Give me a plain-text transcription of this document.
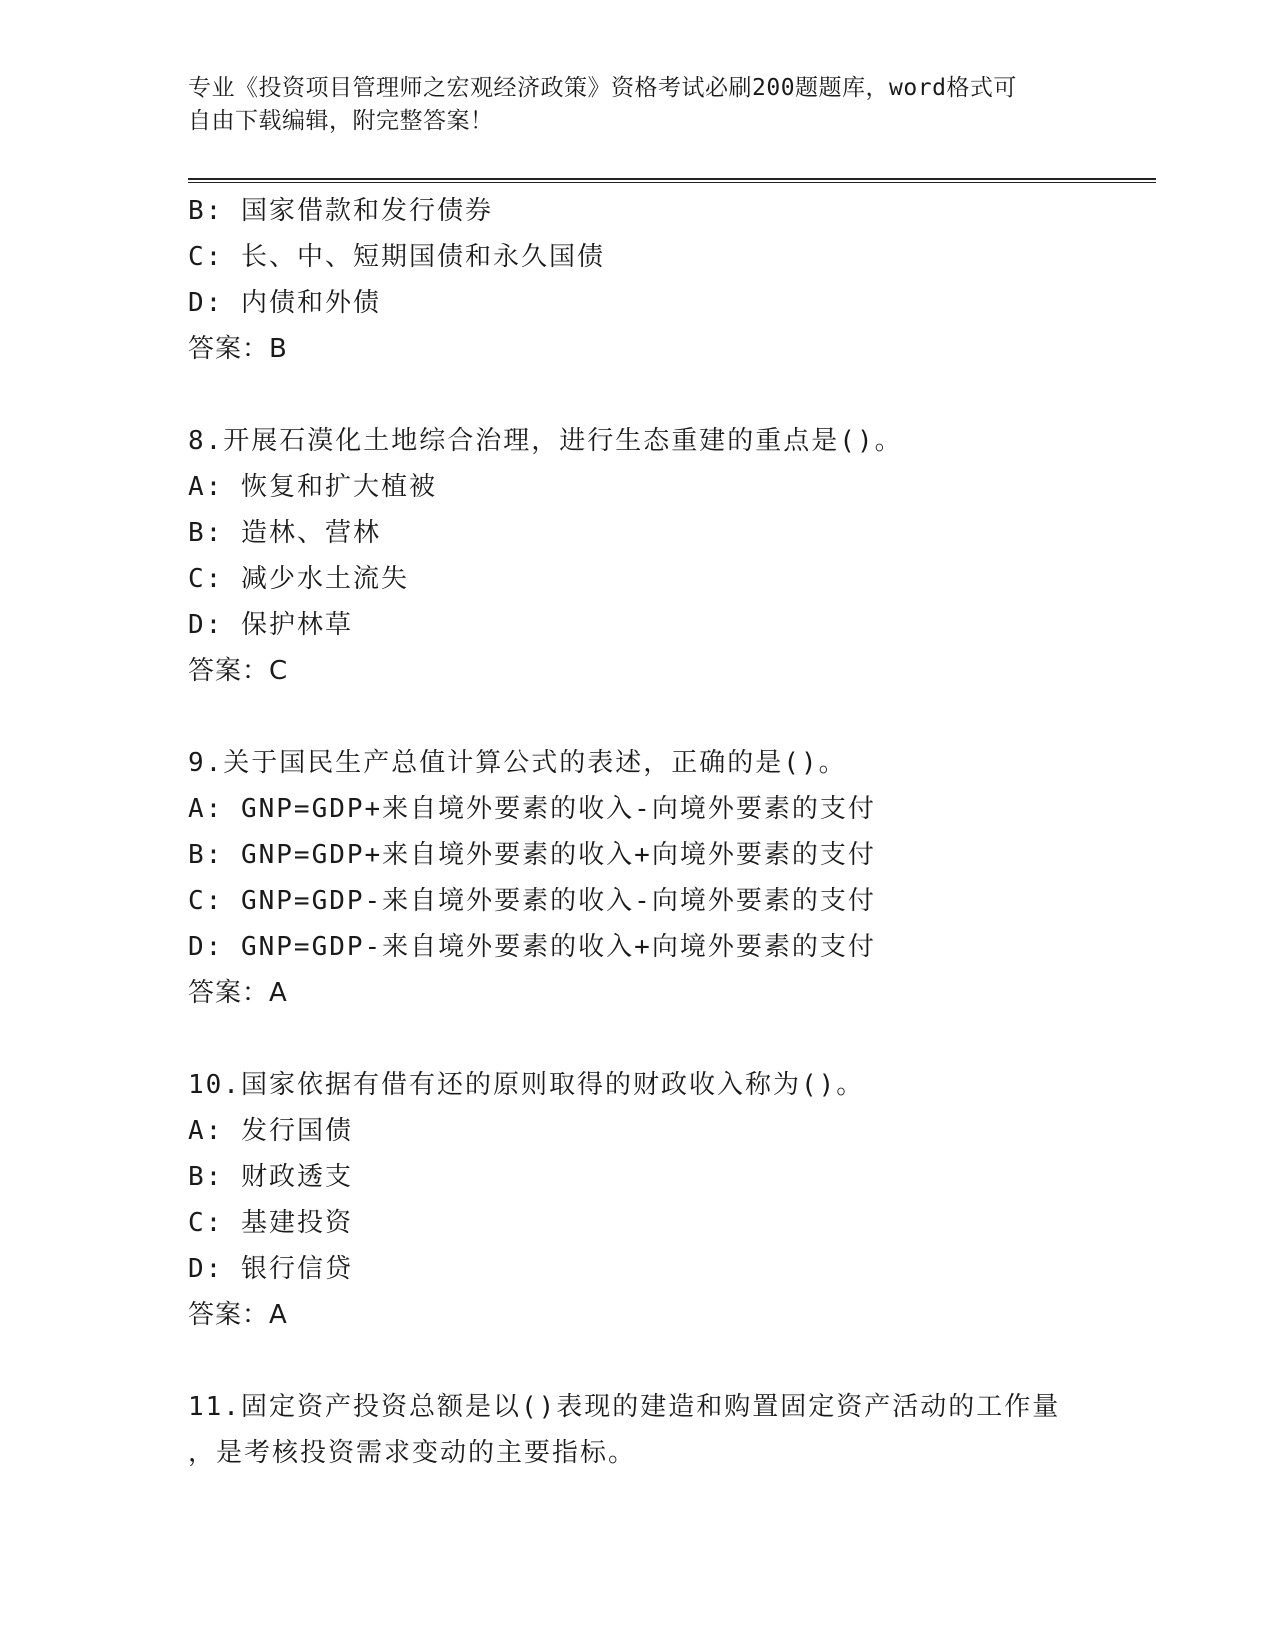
专业《投资项目管理师之宏观经济政策》资格考试必刷200题题库，word格式可
自由下载编辑，附完整答案！
B: 国家借款和发行债券
C: 长、中、短期国债和永久国债
D: 内债和外债
答案：B
8.开展石漠化土地综合治理，进行生态重建的重点是()。
A: 恢复和扩大植被
B: 造林、营林
C: 减少水土流失
D: 保护林草
答案：C
9.关于国民生产总值计算公式的表述，正确的是()。
A: GNP=GDP+来自境外要素的收入-向境外要素的支付
B: GNP=GDP+来自境外要素的收入+向境外要素的支付
C: GNP=GDP-来自境外要素的收入-向境外要素的支付
D: GNP=GDP-来自境外要素的收入+向境外要素的支付
答案：A
10.国家依据有借有还的原则取得的财政收入称为()。
A: 发行国债
B: 财政透支
C: 基建投资
D: 银行信贷
答案：A
11.固定资产投资总额是以()表现的建造和购置固定资产活动的工作量
，是考核投资需求变动的主要指标。
